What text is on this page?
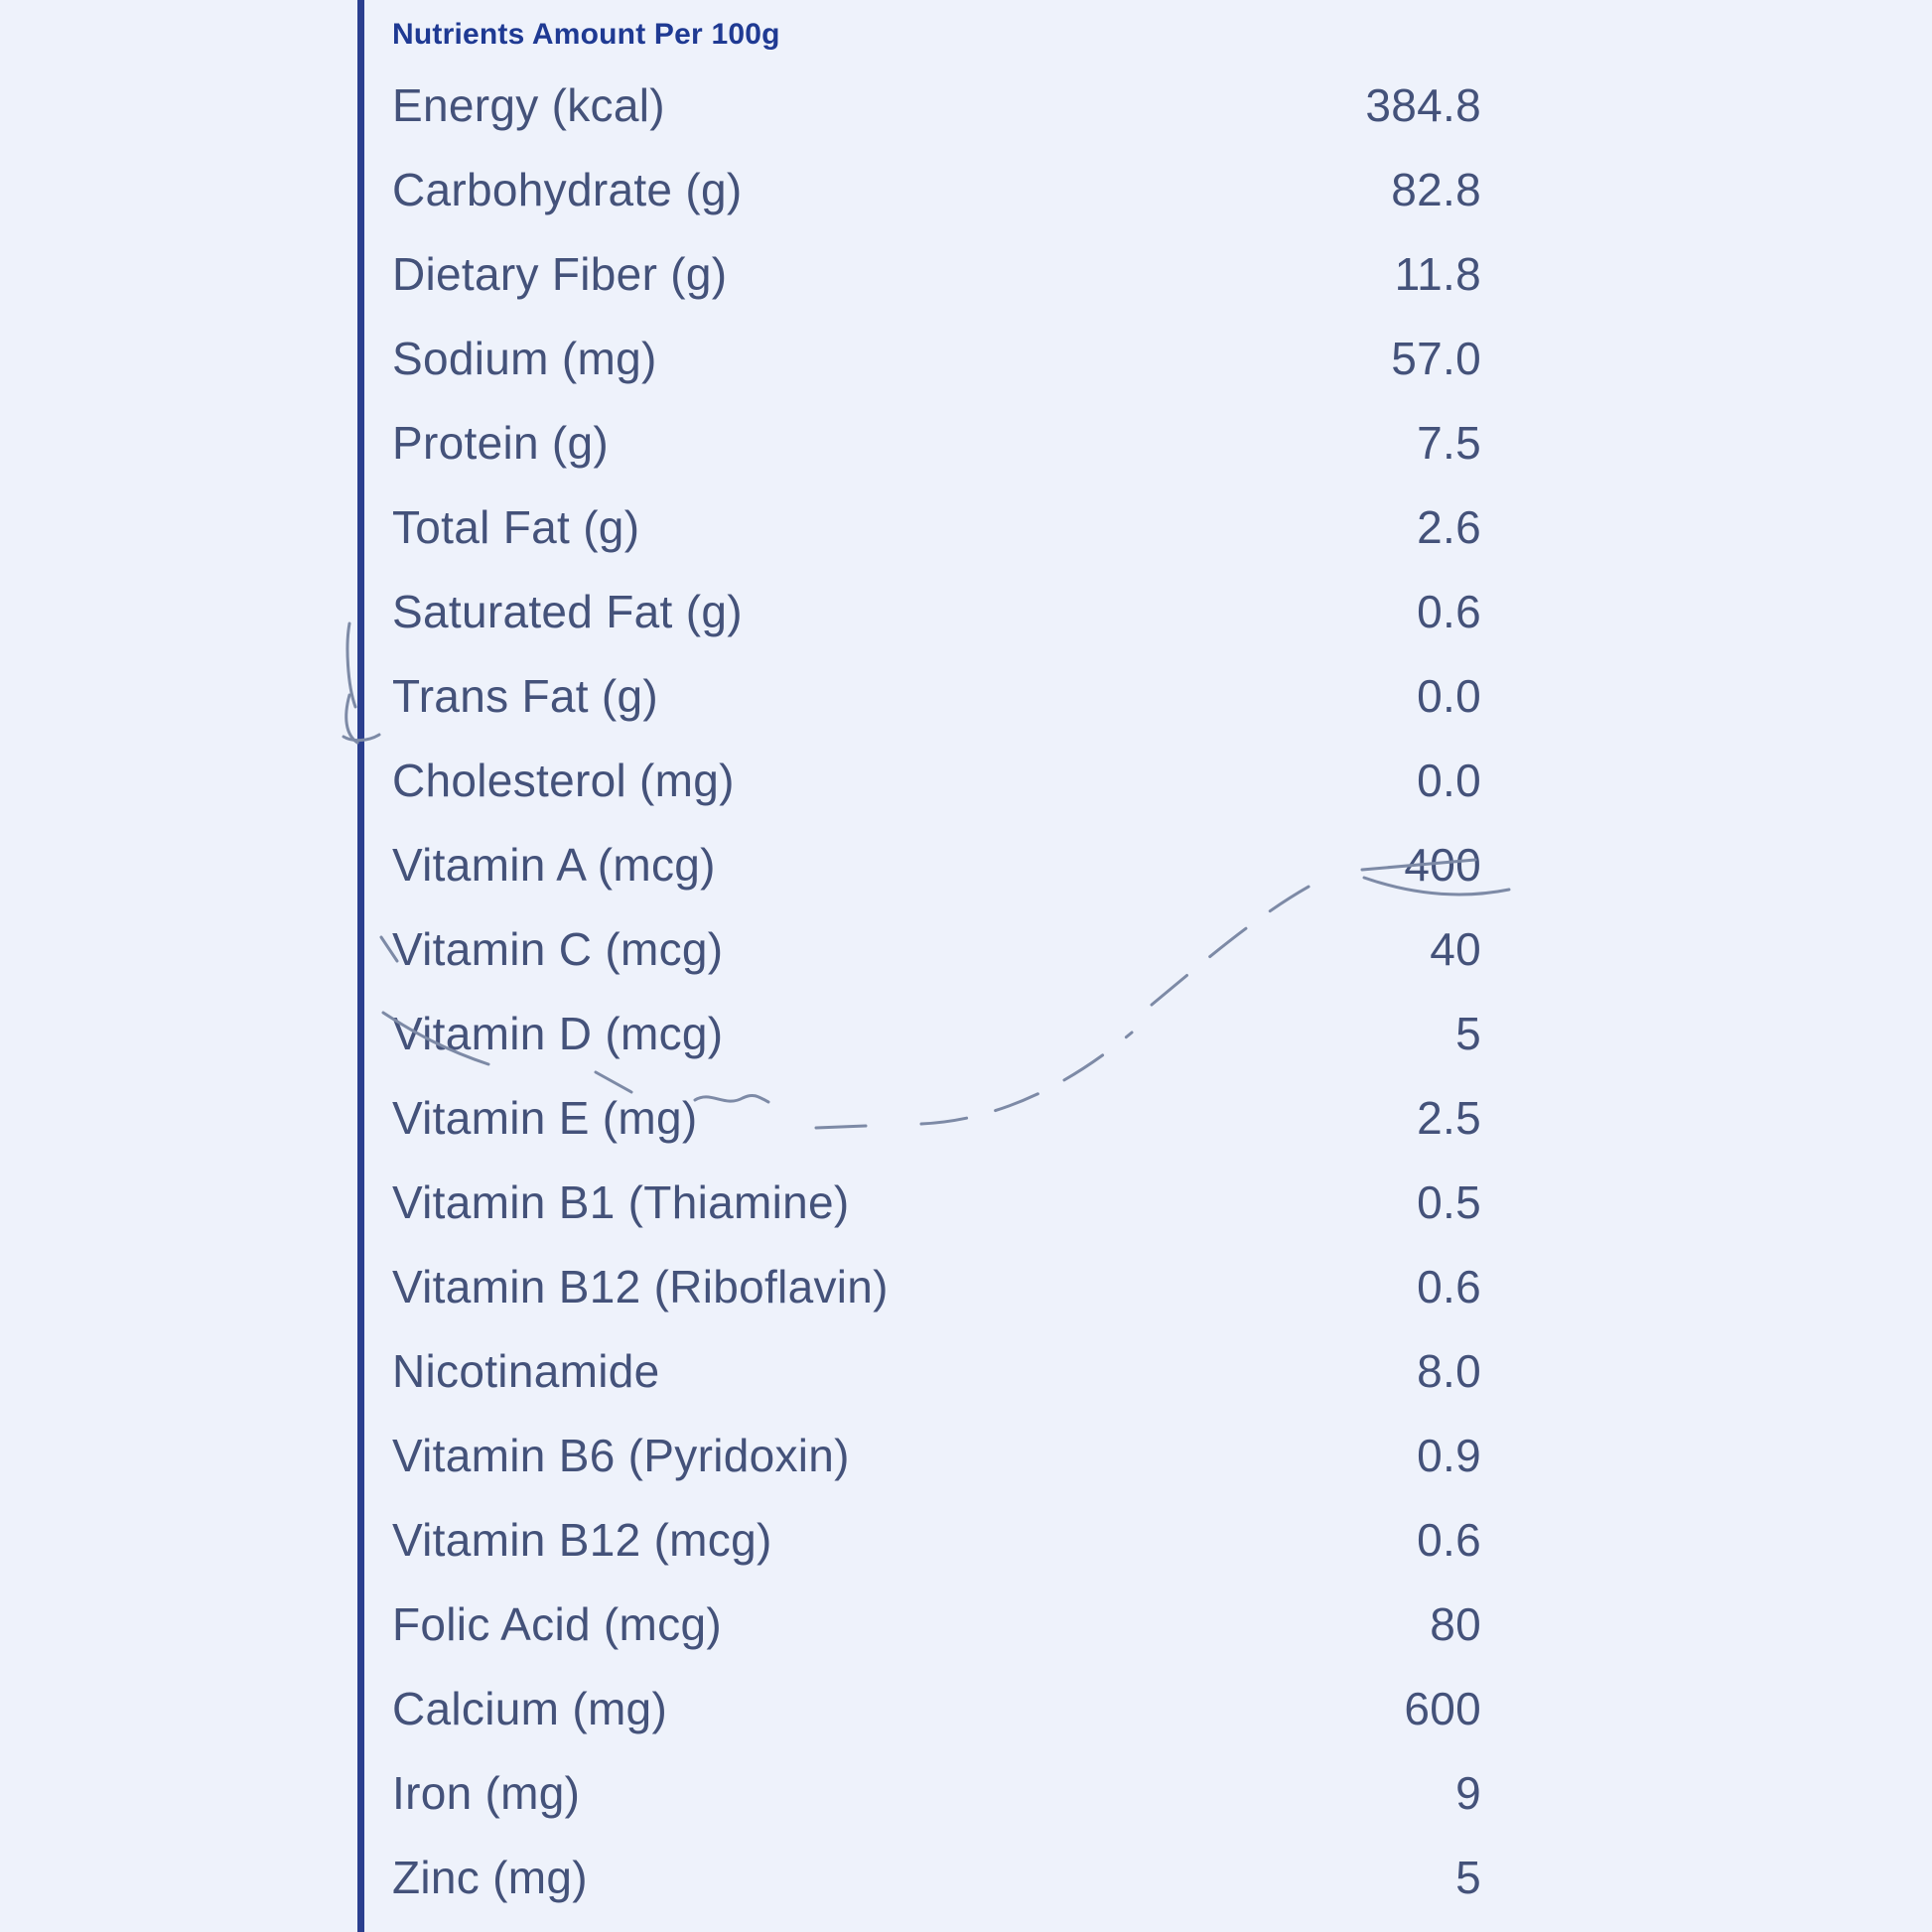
Nutrients Amount Per 100g	
Energy (kcal)	384.8
Carbohydrate (g)	82.8
Dietary Fiber (g)	11.8
Sodium (mg)	57.0
Protein (g)	7.5
Total Fat (g)	2.6
Saturated Fat (g)	0.6
Trans Fat (g)	0.0
Cholesterol (mg)	0.0
Vitamin A (mcg)	400
Vitamin C (mcg)	40
Vitamin D (mcg)	5
Vitamin E (mg)	2.5
Vitamin B1 (Thiamine)	0.5
Vitamin B12 (Riboflavin)	0.6
Nicotinamide	8.0
Vitamin B6 (Pyridoxin)	0.9
Vitamin B12 (mcg)	0.6
Folic Acid (mcg)	80
Calcium (mg)	600
Iron (mg)	9
Zinc (mg)	5
